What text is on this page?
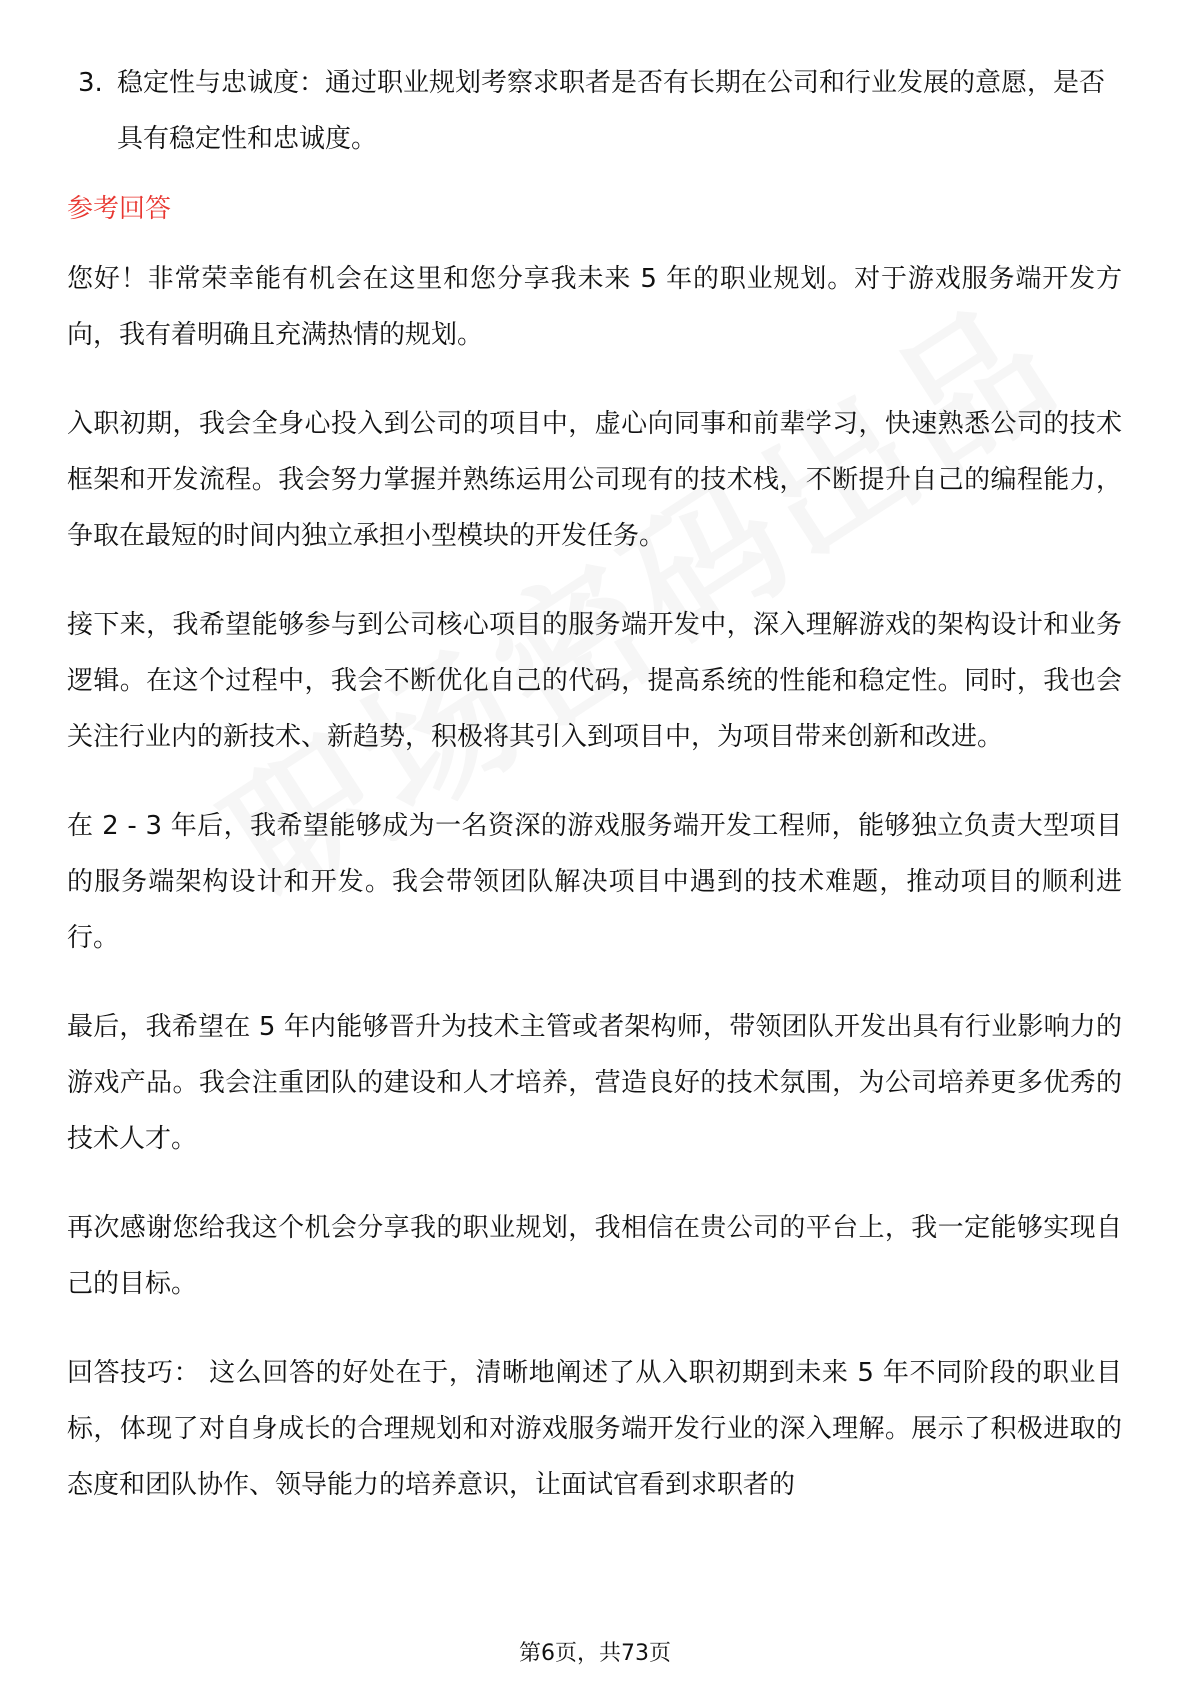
3. 稳定性与忠诚度：通过职业规划考察求职者是否有长期在公司和行业发展的意愿，是否具有稳定性和忠诚度。

参考回答

您好！非常荣幸能有机会在这里和您分享我未来 5 年的职业规划。对于游戏服务端开发方向，我有着明确且充满热情的规划。

入职初期，我会全身心投入到公司的项目中，虚心向同事和前辈学习，快速熟悉公司的技术框架和开发流程。我会努力掌握并熟练运用公司现有的技术栈，不断提升自己的编程能力，争取在最短的时间内独立承担小型模块的开发任务。

接下来，我希望能够参与到公司核心项目的服务端开发中，深入理解游戏的架构设计和业务逻辑。在这个过程中，我会不断优化自己的代码，提高系统的性能和稳定性。同时，我也会关注行业内的新技术、新趋势，积极将其引入到项目中，为项目带来创新和改进。

在 2 - 3 年后，我希望能够成为一名资深的游戏服务端开发工程师，能够独立负责大型项目的服务端架构设计和开发。我会带领团队解决项目中遇到的技术难题，推动项目的顺利进行。

最后，我希望在 5 年内能够晋升为技术主管或者架构师，带领团队开发出具有行业影响力的游戏产品。我会注重团队的建设和人才培养，营造良好的技术氛围，为公司培养更多优秀的技术人才。

再次感谢您给我这个机会分享我的职业规划，我相信在贵公司的平台上，我一定能够实现自己的目标。

回答技巧： 这么回答的好处在于，清晰地阐述了从入职初期到未来 5 年不同阶段的职业目标，体现了对自身成长的合理规划和对游戏服务端开发行业的深入理解。展示了积极进取的态度和团队协作、领导能力的培养意识，让面试官看到求职者的

第6页，共73页
